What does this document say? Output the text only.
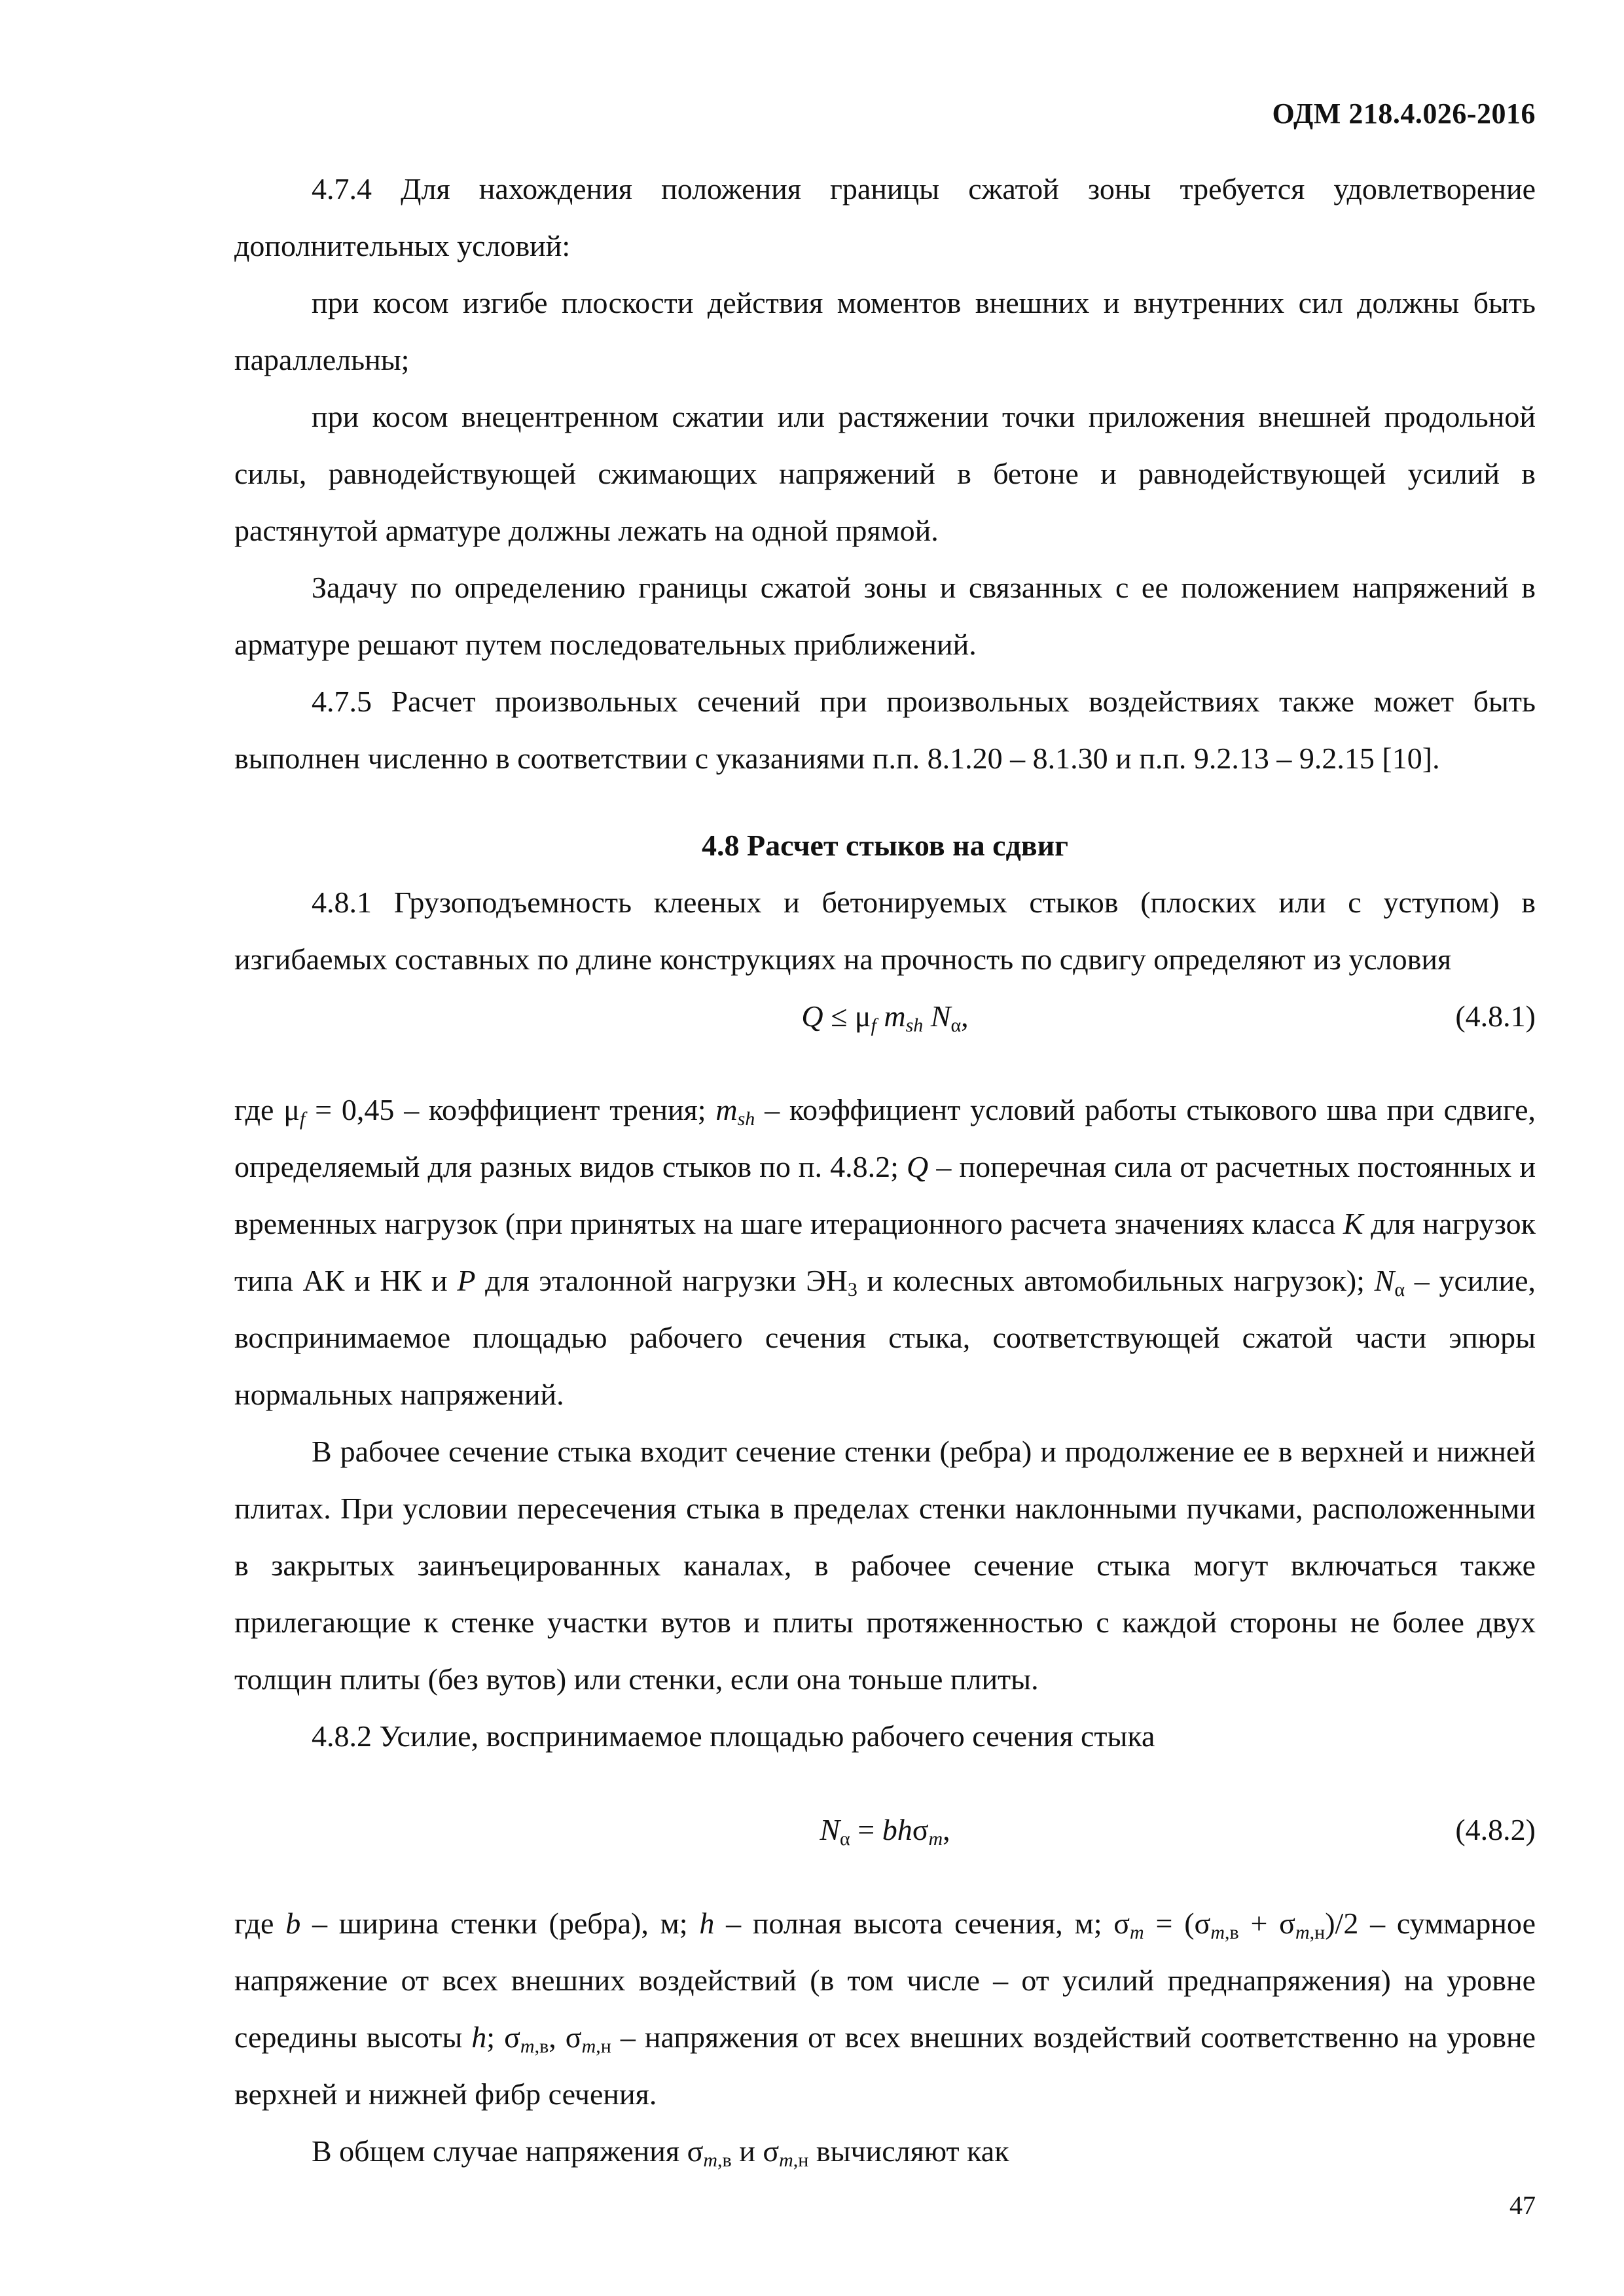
ОДМ 218.4.026-2016

4.7.4 Для нахождения положения границы сжатой зоны требуется удовлетворение дополнительных условий:

при косом изгибе плоскости действия моментов внешних и внутренних сил должны быть параллельны;

при косом внецентренном сжатии или растяжении точки приложения внешней продольной силы, равнодействующей сжимающих напряжений в бетоне и равнодействующей усилий в растянутой арматуре должны лежать на одной прямой.

Задачу по определению границы сжатой зоны и связанных с ее положением напряжений в арматуре решают путем последовательных приближений.

4.7.5 Расчет произвольных сечений при произвольных воздействиях также может быть выполнен численно в соответствии с указаниями п.п. 8.1.20 – 8.1.30 и п.п. 9.2.13 – 9.2.15 [10].

4.8 Расчет стыков на сдвиг

4.8.1 Грузоподъемность клееных и бетонируемых стыков (плоских или с уступом) в изгибаемых составных по длине конструкциях на прочность по сдвигу определяют из условия

$Q \le \mu_f$ $m_{sh}$ $N_\alpha$,	(4.8.1)

где $\mu_f = 0,45$ – коэффициент трения; $m_{sh}$ – коэффициент условий работы стыкового шва при сдвиге, определяемый для разных видов стыков по п. 4.8.2; Q – поперечная сила от расчетных постоянных и временных нагрузок (при принятых на шаге итерационного расчета значениях класса К для нагрузок типа АК и НК и P для эталонной нагрузки $ЭН_3$ и колесных автомобильных нагрузок); $N_\alpha$ – усилие, воспринимаемое площадью рабочего сечения стыка, соответствующей сжатой части эпюры нормальных напряжений.

В рабочее сечение стыка входит сечение стенки (ребра) и продолжение ее в верхней и нижней плитах. При условии пересечения стыка в пределах стенки наклонными пучками, расположенными в закрытых заинъецированных каналах, в рабочее сечение стыка могут включаться также прилегающие к стенке участки вутов и плиты протяженностью с каждой стороны не более двух толщин плиты (без вутов) или стенки, если она тоньше плиты.

4.8.2 Усилие, воспринимаемое площадью рабочего сечения стыка

$N_\alpha = bh\sigma_m$,	(4.8.2)

где b – ширина стенки (ребра), м; h – полная высота сечения, м; $\sigma_m = (\sigma_{m,в} + \sigma_{m,н})/2$ – суммарное напряжение от всех внешних воздействий (в том числе – от усилий преднапряжения) на уровне середины высоты h; $\sigma_{m,в}$, $\sigma_{m,н}$ – напряжения от всех внешних воздействий соответственно на уровне верхней и нижней фибр сечения.

В общем случае напряжения $\sigma_{m,в}$ и $\sigma_{m,н}$ вычисляют как

47
